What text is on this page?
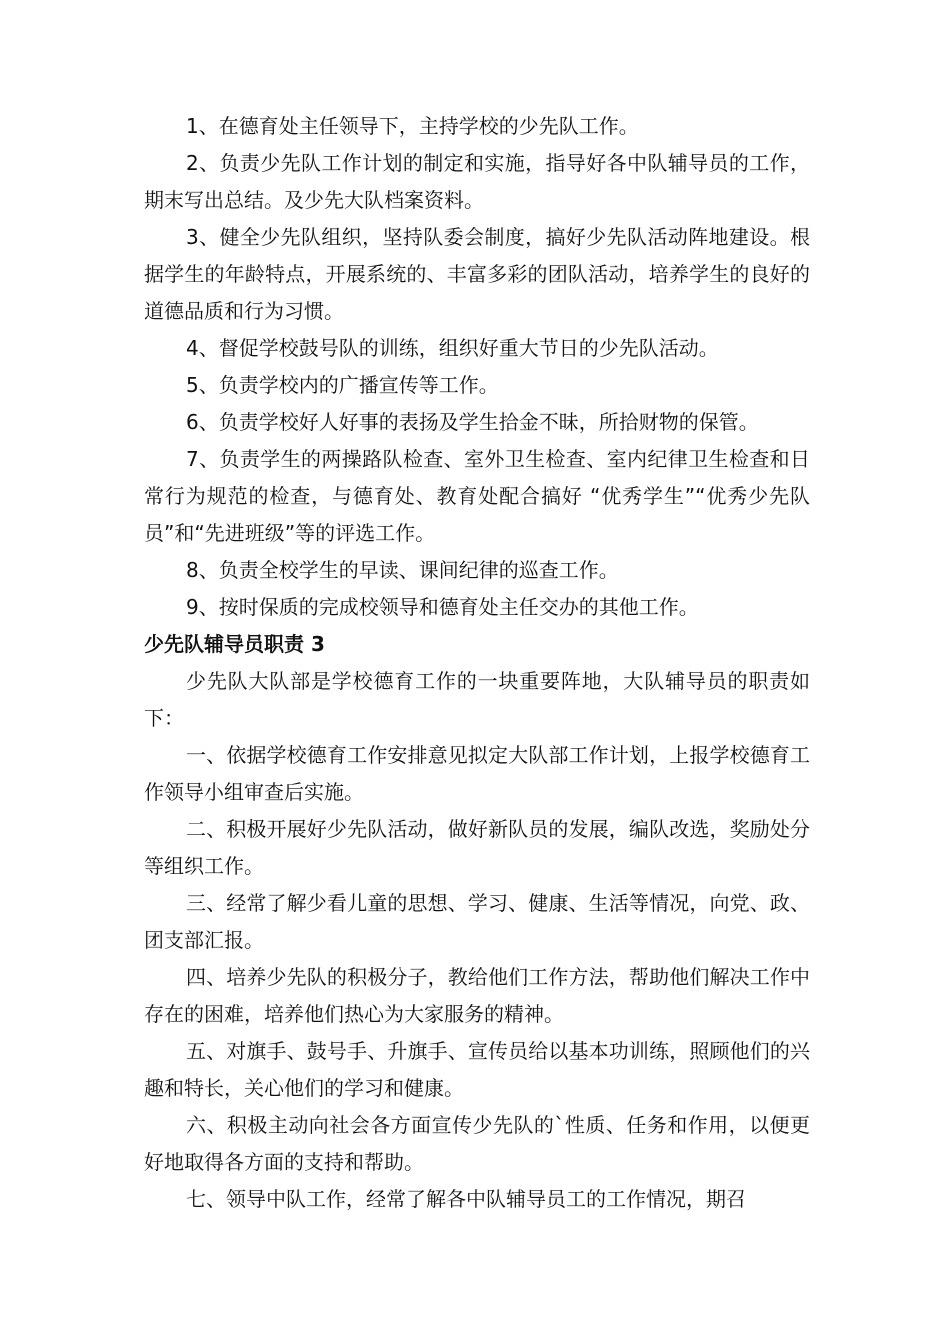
1、在德育处主任领导下，主持学校的少先队工作。

2、负责少先队工作计划的制定和实施，指导好各中队辅导员的工作，期末写出总结。及少先大队档案资料。

3、健全少先队组织，坚持队委会制度，搞好少先队活动阵地建设。根据学生的年龄特点，开展系统的、丰富多彩的团队活动，培养学生的良好的道德品质和行为习惯。

4、督促学校鼓号队的训练，组织好重大节日的少先队活动。

5、负责学校内的广播宣传等工作。

6、负责学校好人好事的表扬及学生拾金不昧，所拾财物的保管。

7、负责学生的两操路队检查、室外卫生检查、室内纪律卫生检查和日常行为规范的检查，与德育处、教育处配合搞好 “优秀学生”“优秀少先队员”和“先进班级”等的评选工作。

8、负责全校学生的早读、课间纪律的巡查工作。

9、按时保质的完成校领导和德育处主任交办的其他工作。

少先队辅导员职责 3

少先队大队部是学校德育工作的一块重要阵地，大队辅导员的职责如下：

一、依据学校德育工作安排意见拟定大队部工作计划，上报学校德育工作领导小组审查后实施。

二、积极开展好少先队活动，做好新队员的发展，编队改选，奖励处分等组织工作。

三、经常了解少看儿童的思想、学习、健康、生活等情况，向党、政、团支部汇报。

四、培养少先队的积极分子，教给他们工作方法，帮助他们解决工作中存在的困难，培养他们热心为大家服务的精神。

五、对旗手、鼓号手、升旗手、宣传员给以基本功训练，照顾他们的兴趣和特长，关心他们的学习和健康。

六、积极主动向社会各方面宣传少先队的`性质、任务和作用，以便更好地取得各方面的支持和帮助。

七、领导中队工作，经常了解各中队辅导员工的工作情况，期召
